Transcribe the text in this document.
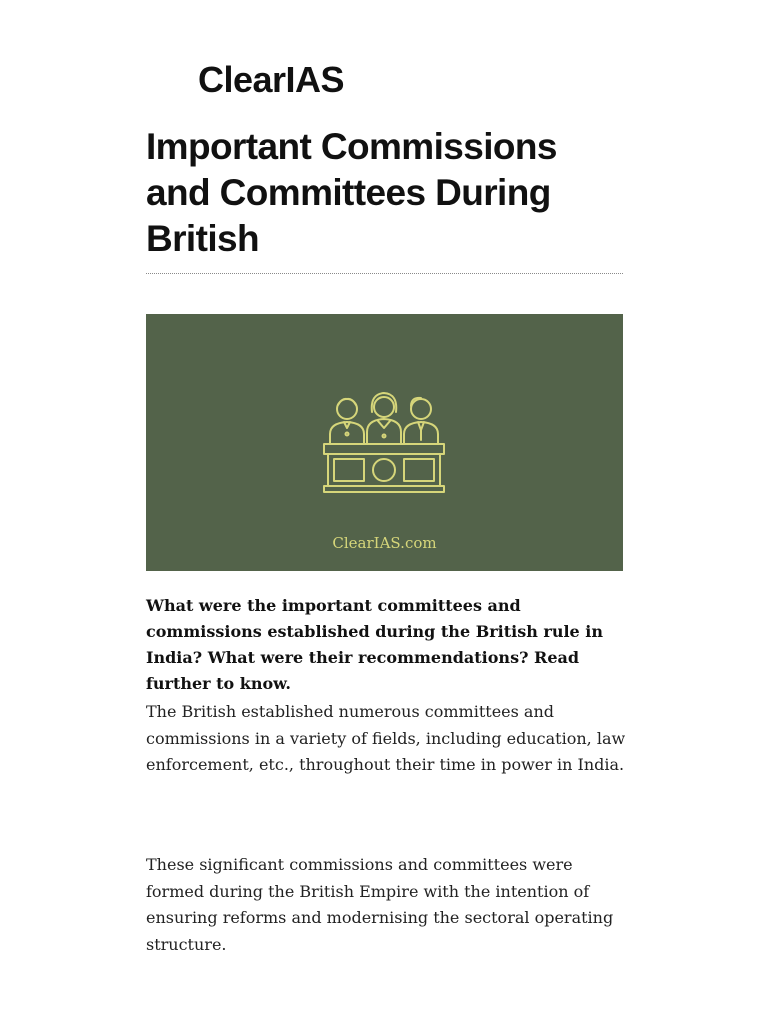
ClearIAS
Important Commissions and Committees During British
ClearIAS.com

What were the important committees and commissions established during the British rule in India? What were their recommendations? Read further to know.

The British established numerous committees and commissions in a variety of fields, including education, law enforcement, etc., throughout their time in power in India.

These significant commissions and committees were formed during the British Empire with the intention of ensuring reforms and modernising the sectoral operating structure.
